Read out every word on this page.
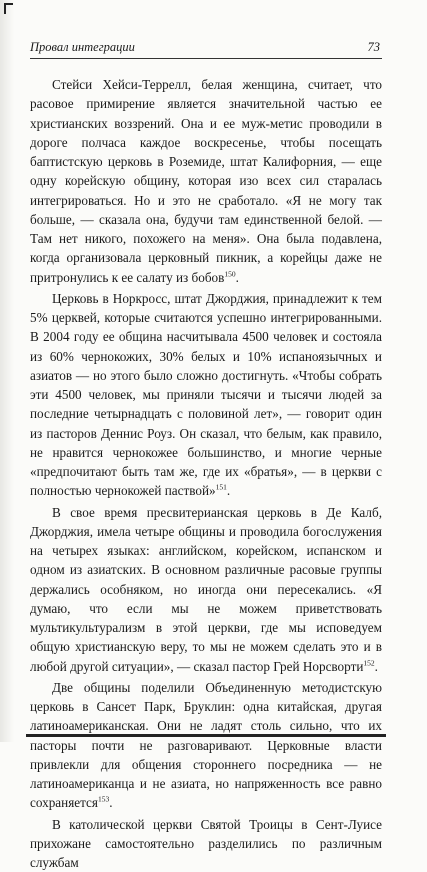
Провал интеграции	73

Стейси Хейси-Террелл, белая женщина, считает, что расовое примирение является значительной частью ее христианских воззрений. Она и ее муж-метис проводили в дороге полчаса каждое воскресенье, чтобы посещать баптистскую церковь в Роземиде, штат Калифорния, — еще одну корейскую общину, которая изо всех сил старалась интегрироваться. Но и это не сработало. «Я не могу так больше, — сказала она, будучи там единственной белой. — Там нет никого, похожего на меня». Она была подавлена, когда организовала церковный пикник, а корейцы даже не притронулись к ее салату из бобов$^{150}$.

Церковь в Норкросс, штат Джорджия, принадлежит к тем 5% церквей, которые считаются успешно интегрированными. В 2004 году ее община насчитывала 4500 человек и состояла из 60% чернокожих, 30% белых и 10% испаноязычных и азиатов — но этого было сложно достигнуть. «Чтобы собрать эти 4500 человек, мы приняли тысячи и тысячи людей за последние четырнадцать с половиной лет», — говорит один из пасторов Деннис Роуз. Он сказал, что белым, как правило, не нравится чернокожее большинство, и многие черные «предпочитают быть там же, где их «братья», — в церкви с полностью чернокожей паствой»$^{151}$.

В свое время пресвитерианская церковь в Де Калб, Джорджия, имела четыре общины и проводила богослужения на четырех языках: английском, корейском, испанском и одном из азиатских. В основном различные расовые группы держались особняком, но иногда они пересекались. «Я думаю, что если мы не можем приветствовать мультикультурализм в этой церкви, где мы исповедуем общую христианскую веру, то мы не можем сделать это и в любой другой ситуации», — сказал пастор Грей Норсворти$^{152}$.

Две общины поделили Объединенную методистскую церковь в Сансет Парк, Бруклин: одна китайская, другая латиноамериканская. Они не ладят столь сильно, что их пасторы почти не разговаривают. Церковные власти привлекли для общения стороннего посредника — не латиноамериканца и не азиата, но напряженность все равно сохраняется$^{153}$.

В католической церкви Святой Троицы в Сент-Луисе прихожане самостоятельно разделились по различным службам
